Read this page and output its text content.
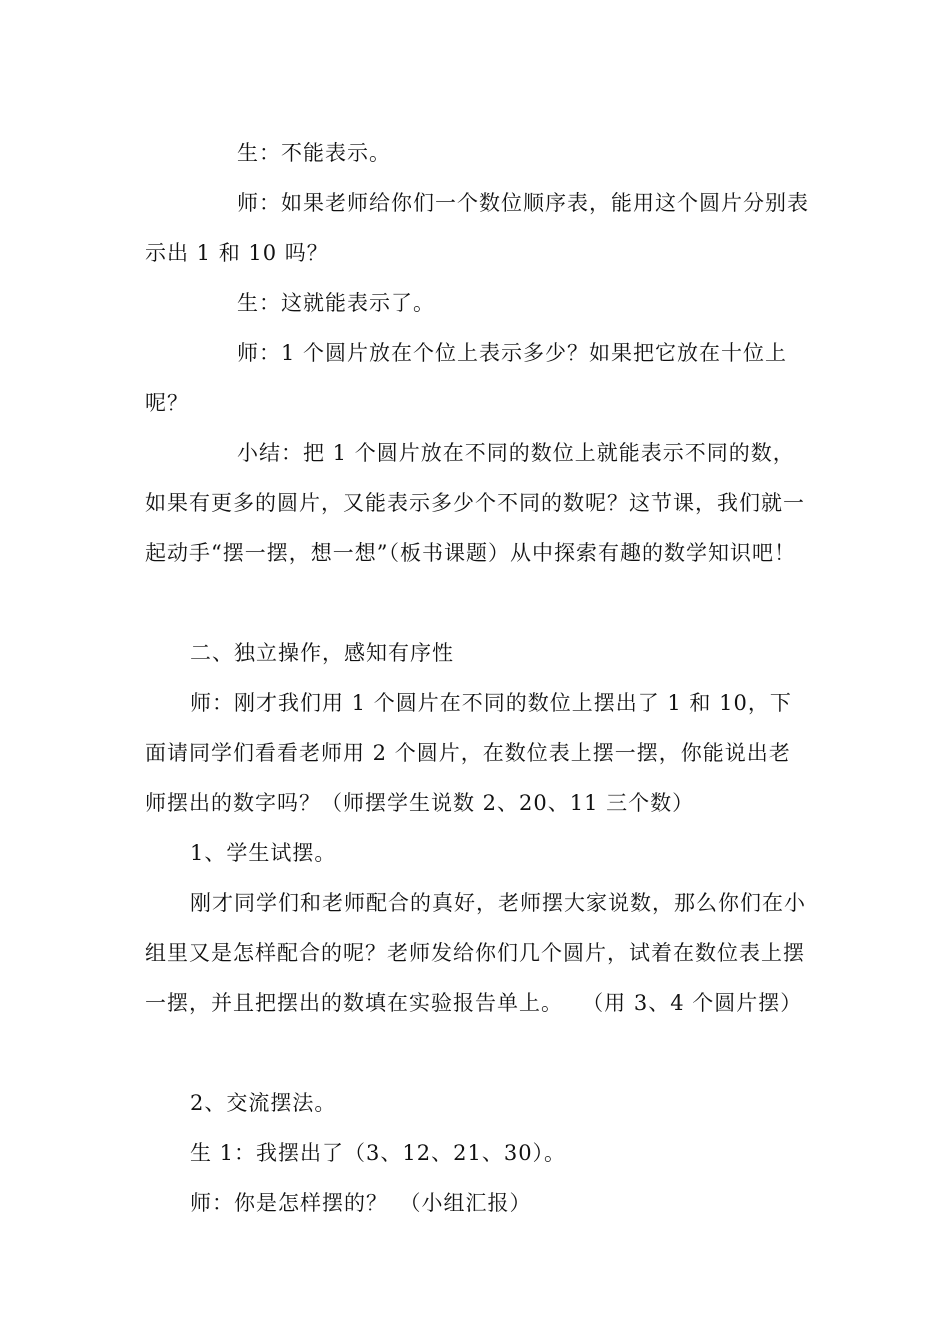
生：不能表示。

师：如果老师给你们一个数位顺序表，能用这个圆片分别表示出 1 和 10 吗？

生：这就能表示了。

师：1 个圆片放在个位上表示多少？如果把它放在十位上呢？

小结：把 1 个圆片放在不同的数位上就能表示不同的数，如果有更多的圆片，又能表示多少个不同的数呢？这节课，我们就一起动手“摆一摆，想一想”（板书课题）从中探索有趣的数学知识吧！

二、独立操作，感知有序性

师：刚才我们用 1 个圆片在不同的数位上摆出了 1 和 10，下面请同学们看看老师用 2 个圆片，在数位表上摆一摆，你能说出老师摆出的数字吗？（师摆学生说数 2、20、11 三个数）

1、学生试摆。

刚才同学们和老师配合的真好，老师摆大家说数，那么你们在小组里又是怎样配合的呢？老师发给你们几个圆片，试着在数位表上摆一摆，并且把摆出的数填在实验报告单上。　 （用 3、4 个圆片摆）

2、交流摆法。

生 1：我摆出了（3、12、21、30）。

师：你是怎样摆的？　（小组汇报）
